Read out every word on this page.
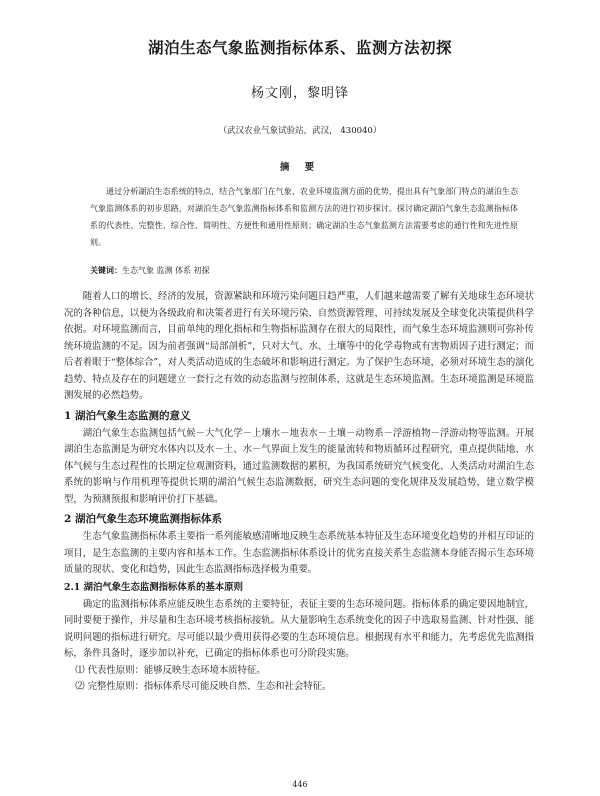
湖泊生态气象监测指标体系、监测方法初探
杨文刚，黎明锋
（武汉农业气象试验站，武汉， 430040）
摘 要

通过分析湖泊生态系统的特点，结合气象部门在气象、农业环境监测方面的优势，提出具有气象部门特点的湖泊生态气象监测体系的初步思路，对湖泊生态气象监测指标体系和监测方法的进行初步探讨。探讨确定湖泊气象生态监测指标体系的代表性、完整性、综合性、简明性、方便性和通用性原则；确定湖泊生态气象监测方法需要考虑的通行性和先进性原则。

关键词：生态气象 监测 体系 初探

随着人口的增长、经济的发展，资源紧缺和环境污染问题日趋严重，人们越来越需要了解有关地球生态环境状况的各种信息，以便为各级政府和决策者进行有关环境污染、自然资源管理、可持续发展及全球变化决策提供科学依据。对环境监测而言，目前单纯的理化指标和生物指标监测存在很大的局限性，而气象生态环境监测则可弥补传统环境监测的不足。因为前者强调“局部剖析”，只对大气、水、土壤等中的化学毒物或有害物质因子进行测定；而后者着眼于“整体综合”，对人类活动造成的生态破坏和影响进行测定。为了保护生态环境，必须对环境生态的演化趋势、特点及存在的问题建立一套行之有效的动态监测与控制体系，这就是生态环境监测。生态环境监测是环境监测发展的必然趋势。

1 湖泊气象生态监测的意义

湖泊气象生态监测包括气候－大气化学－上壤水－地表水－土壤－动物系－浮游植物－浮游动物等监测。开展湖泊生态监测是为研究水体内以及水－土、水－气界面上发生的能量流转和物质循环过程研究，重点提供陆地、水体气候与生态过程性的长期定位观测资料，通过监测数据的累积，为我国系统研究气候变化、人类活动对湖泊生态系统的影响与作用机理等提供长期的湖泊气候生态监测数据，研究生态问题的变化规律及发展趋势，建立数学模型，为预测预报和影响评价打下基础。

2 湖泊气象生态环境监测指标体系

生态气象监测指标体系主要指一系列能敏感清晰地反映生态系统基本特征及生态环境变化趋势的并相互印证的项目，是生态监测的主要内容和基本工作。生态监测指标体系设计的优劣直接关系生态监测本身能否揭示生态环境质量的现状、变化和趋势，因此生态监测指标选择极为重要。

2.1 湖泊气象生态监测指标体系的基本原则

确定的监测指标体系应能反映生态系统的主要特征，表征主要的生态环境问题。指标体系的确定要因地制宜，同时要便于操作，并尽量和生态环境考核指标接轨。从大量影响生态系统变化的因子中选取易监测、针对性强、能说明问题的指标进行研究。尽可能以最少费用获得必要的生态环境信息。根据现有水平和能力，先考虑优先监测指标，条件具备时，逐步加以补充，已确定的指标体系也可分阶段实施。

⑴ 代表性原则：能够反映生态环境本质特征。

⑵ 完整性原则：指标体系尽可能反映自然、生态和社会特征。

446
